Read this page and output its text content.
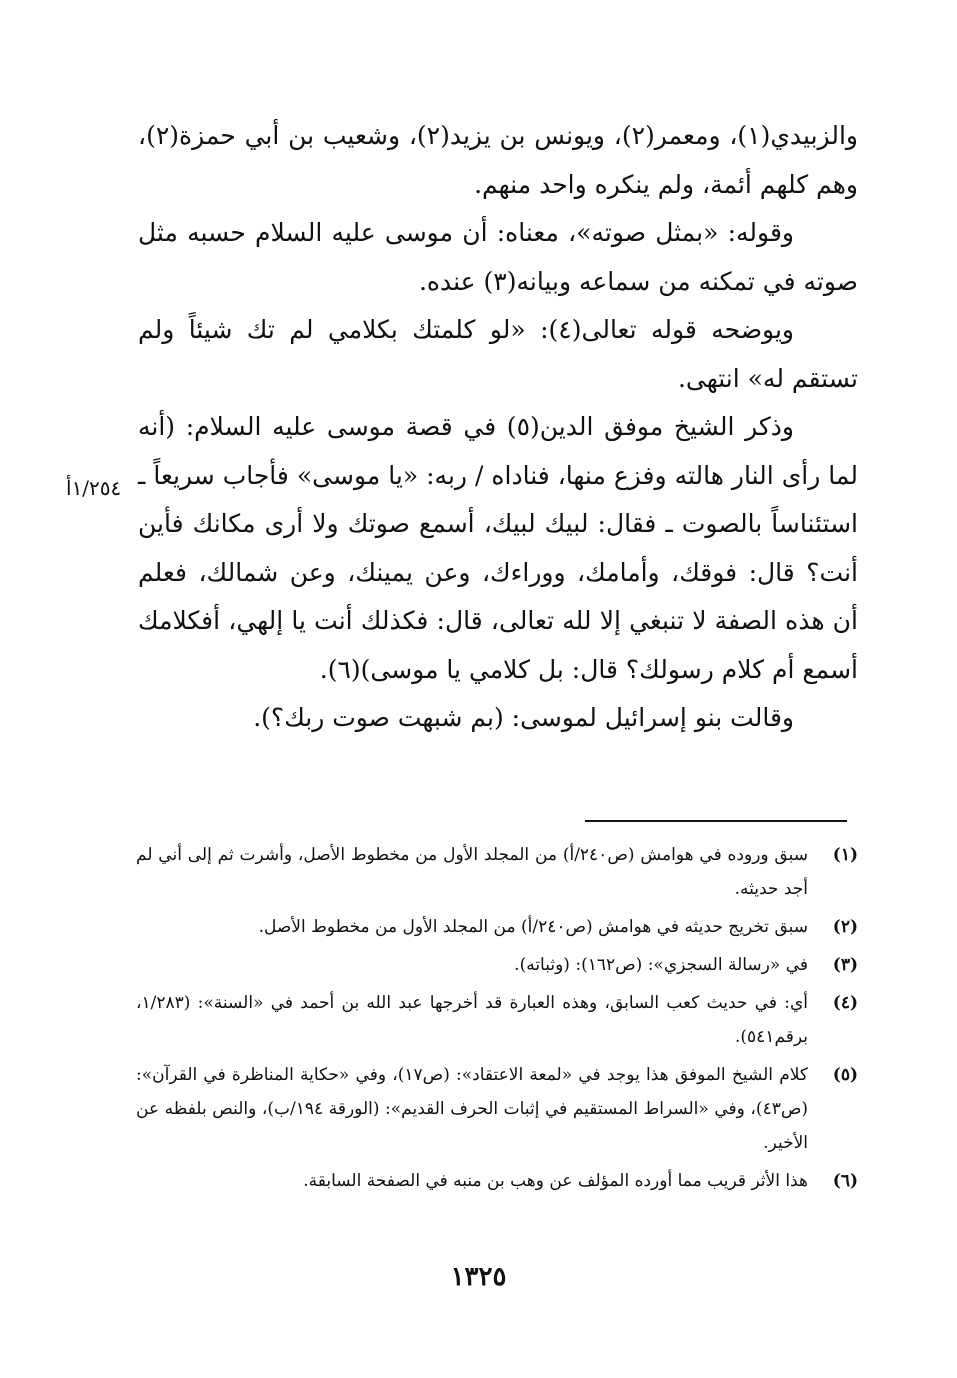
والزبيدي(١)، ومعمر(٢)، ويونس بن يزيد(٢)، وشعيب بن أبي حمزة(٢)، وهم كلهم أئمة، ولم ينكره واحد منهم.

وقوله: «بمثل صوته»، معناه: أن موسى عليه السلام حسبه مثل صوته في تمكنه من سماعه وبيانه(٣) عنده.

ويوضحه قوله تعالى(٤): «لو كلمتك بكلامي لم تك شيئاً ولم تستقم له» انتهى.

وذكر الشيخ موفق الدين(٥) في قصة موسى عليه السلام: (أنه لما رأى النار هالته وفزع منها، فناداه / ربه: «يا موسى» فأجاب سريعاً ـ استئناساً بالصوت ـ فقال: لبيك لبيك، أسمع صوتك ولا أرى مكانك فأين أنت؟ قال: فوقك، وأمامك، ووراءك، وعن يمينك، وعن شمالك، فعلم أن هذه الصفة لا تنبغي إلا لله تعالى، قال: فكذلك أنت يا إلهي، أفكلامك أسمع أم كلام رسولك؟ قال: بل كلامي يا موسى)(٦).

وقالت بنو إسرائيل لموسى: (بم شبهت صوت ربك؟).

١/٢٥٤أ
(١)
سبق وروده في هوامش (ص٢٤٠/أ) من المجلد الأول من مخطوط الأصل، وأشرت ثم إلى أني لم أجد حديثه.
(٢)
سبق تخريج حديثه في هوامش (ص٢٤٠/أ) من المجلد الأول من مخطوط الأصل.
(٣)
في «رسالة السجزي»: (ص١٦٢): (وثباته).
(٤)
أي: في حديث كعب السابق، وهذه العبارة قد أخرجها عبد الله بن أحمد في «السنة»: (١/٢٨٣، برقم٥٤١).
(٥)
كلام الشيخ الموفق هذا يوجد في «لمعة الاعتقاد»: (ص١٧)، وفي «حكاية المناظرة في القرآن»: (ص٤٣)، وفي «السراط المستقيم في إثبات الحرف القديم»: (الورقة ١٩٤/ب)، والنص بلفظه عن الأخير.
(٦)
هذا الأثر قريب مما أورده المؤلف عن وهب بن منبه في الصفحة السابقة.
١٣٢٥
